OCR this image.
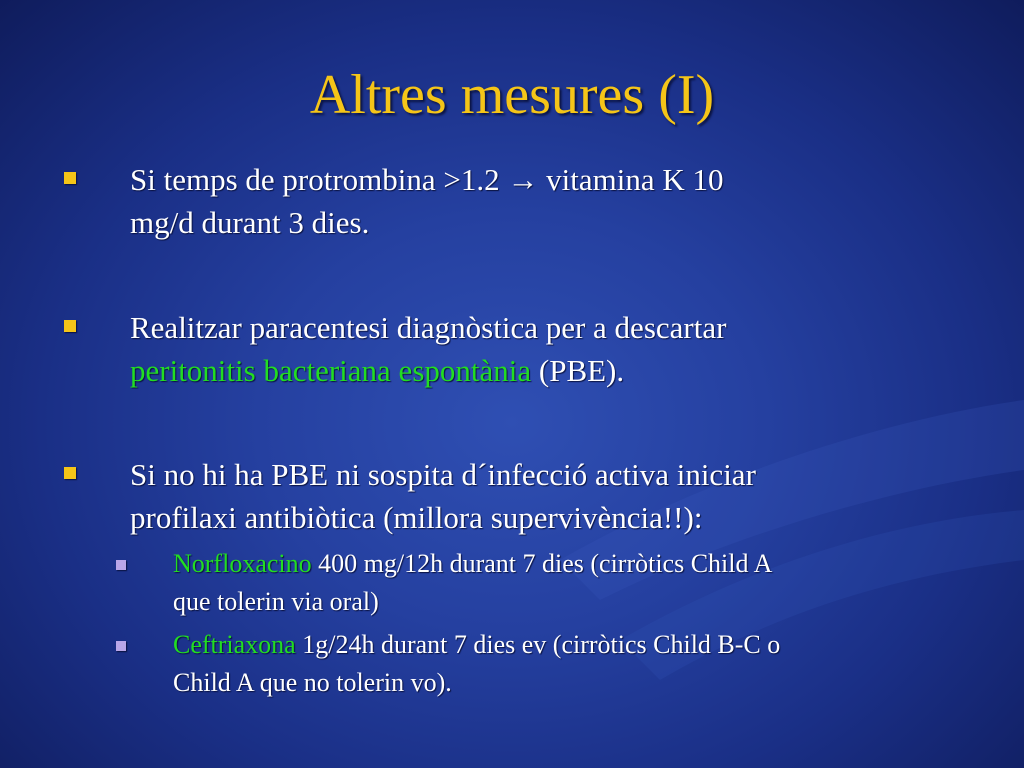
Altres mesures (I)
Si temps de protrombina >1.2 → vitamina K 10
mg/d durant 3 dies.
Realitzar paracentesi diagnòstica per a descartar
peritonitis bacteriana espontània (PBE).
Si no hi ha PBE ni sospita d´infecció activa iniciar
profilaxi antibiòtica (millora supervivència!!):
Norfloxacino 400 mg/12h durant 7 dies (cirròtics Child A
que tolerin via oral)
Ceftriaxona 1g/24h durant 7 dies ev (cirròtics Child B-C o
Child A que no tolerin vo).
